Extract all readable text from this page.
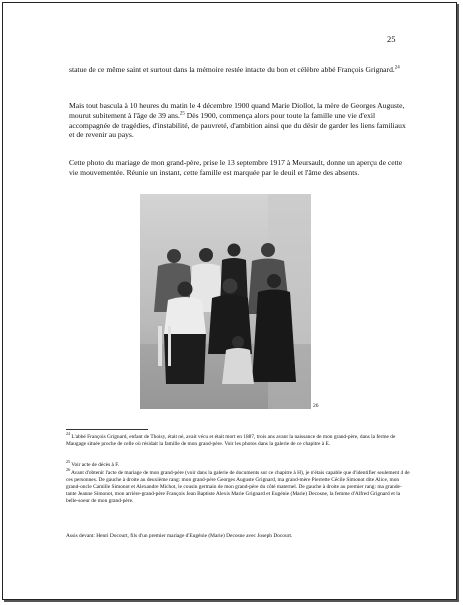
25
statue de ce même saint et surtout dans la mémoire restée intacte du bon et célèbre abbé François Grignard.$^{24}$
Mais tout bascula à 10 heures du matin le 4 décembre 1900 quand Marie Diollot, la mère de Georges Auguste, mourut subitement à l'âge de 39 ans.$^{25}$ Dès 1900, commença alors pour toute la famille une vie d'exil accompagnée de tragédies, d'instabilité, de pauvreté, d'ambition ainsi que du désir de garder les liens familiaux et de revenir au pays.
Cette photo du mariage de mon grand-père, prise le 13 septembre 1917 à Meursault, donne un aperçu de cette vie mouvementée. Réunie un instant, cette famille est marquée par le deuil et l'âme des absents.
26
$^{24}$ L'abbé François Grignard, enfant de Thoisy, était né, avait vécu et était mort en 1887, trois ans avant la naissance de mon grand-père, dans la ferme de Maugage située proche de celle où résidait la famille de mon grand-père. Voir les photos dans la galerie de ce chapitre à E.
$^{25}$ Voir acte de décès à F.
$^{26}$ Avant d'obtenir l'acte de mariage de mon grand-père (voir dans la galerie de documents sur ce chapitre à H), je n'étais capable que d'identifier seulement 4 de ces personnes. De gauche à droite au deuxième rang: mon grand-père Georges Auguste Grignard, ma grand-mère Pierrette Cécile Simonot dite Alice, mon grand-oncle Camille Simonot et Alexandre Michot, le cousin germain de mon grand-père du côté maternel. De gauche à droite au premier rang: ma grande-tante Jeanne Simonot, mon arrière-grand-père François Jean Baptiste Alexis Marie Grignard et Eugénie (Marie) Decosne, la femme d'Alfred Grignard et la belle-soeur de mon grand-père.
Assis devant: Henri Docourt, fils d'un premier mariage d'Eugénie (Marie) Decosne avec Joseph Docourt.
